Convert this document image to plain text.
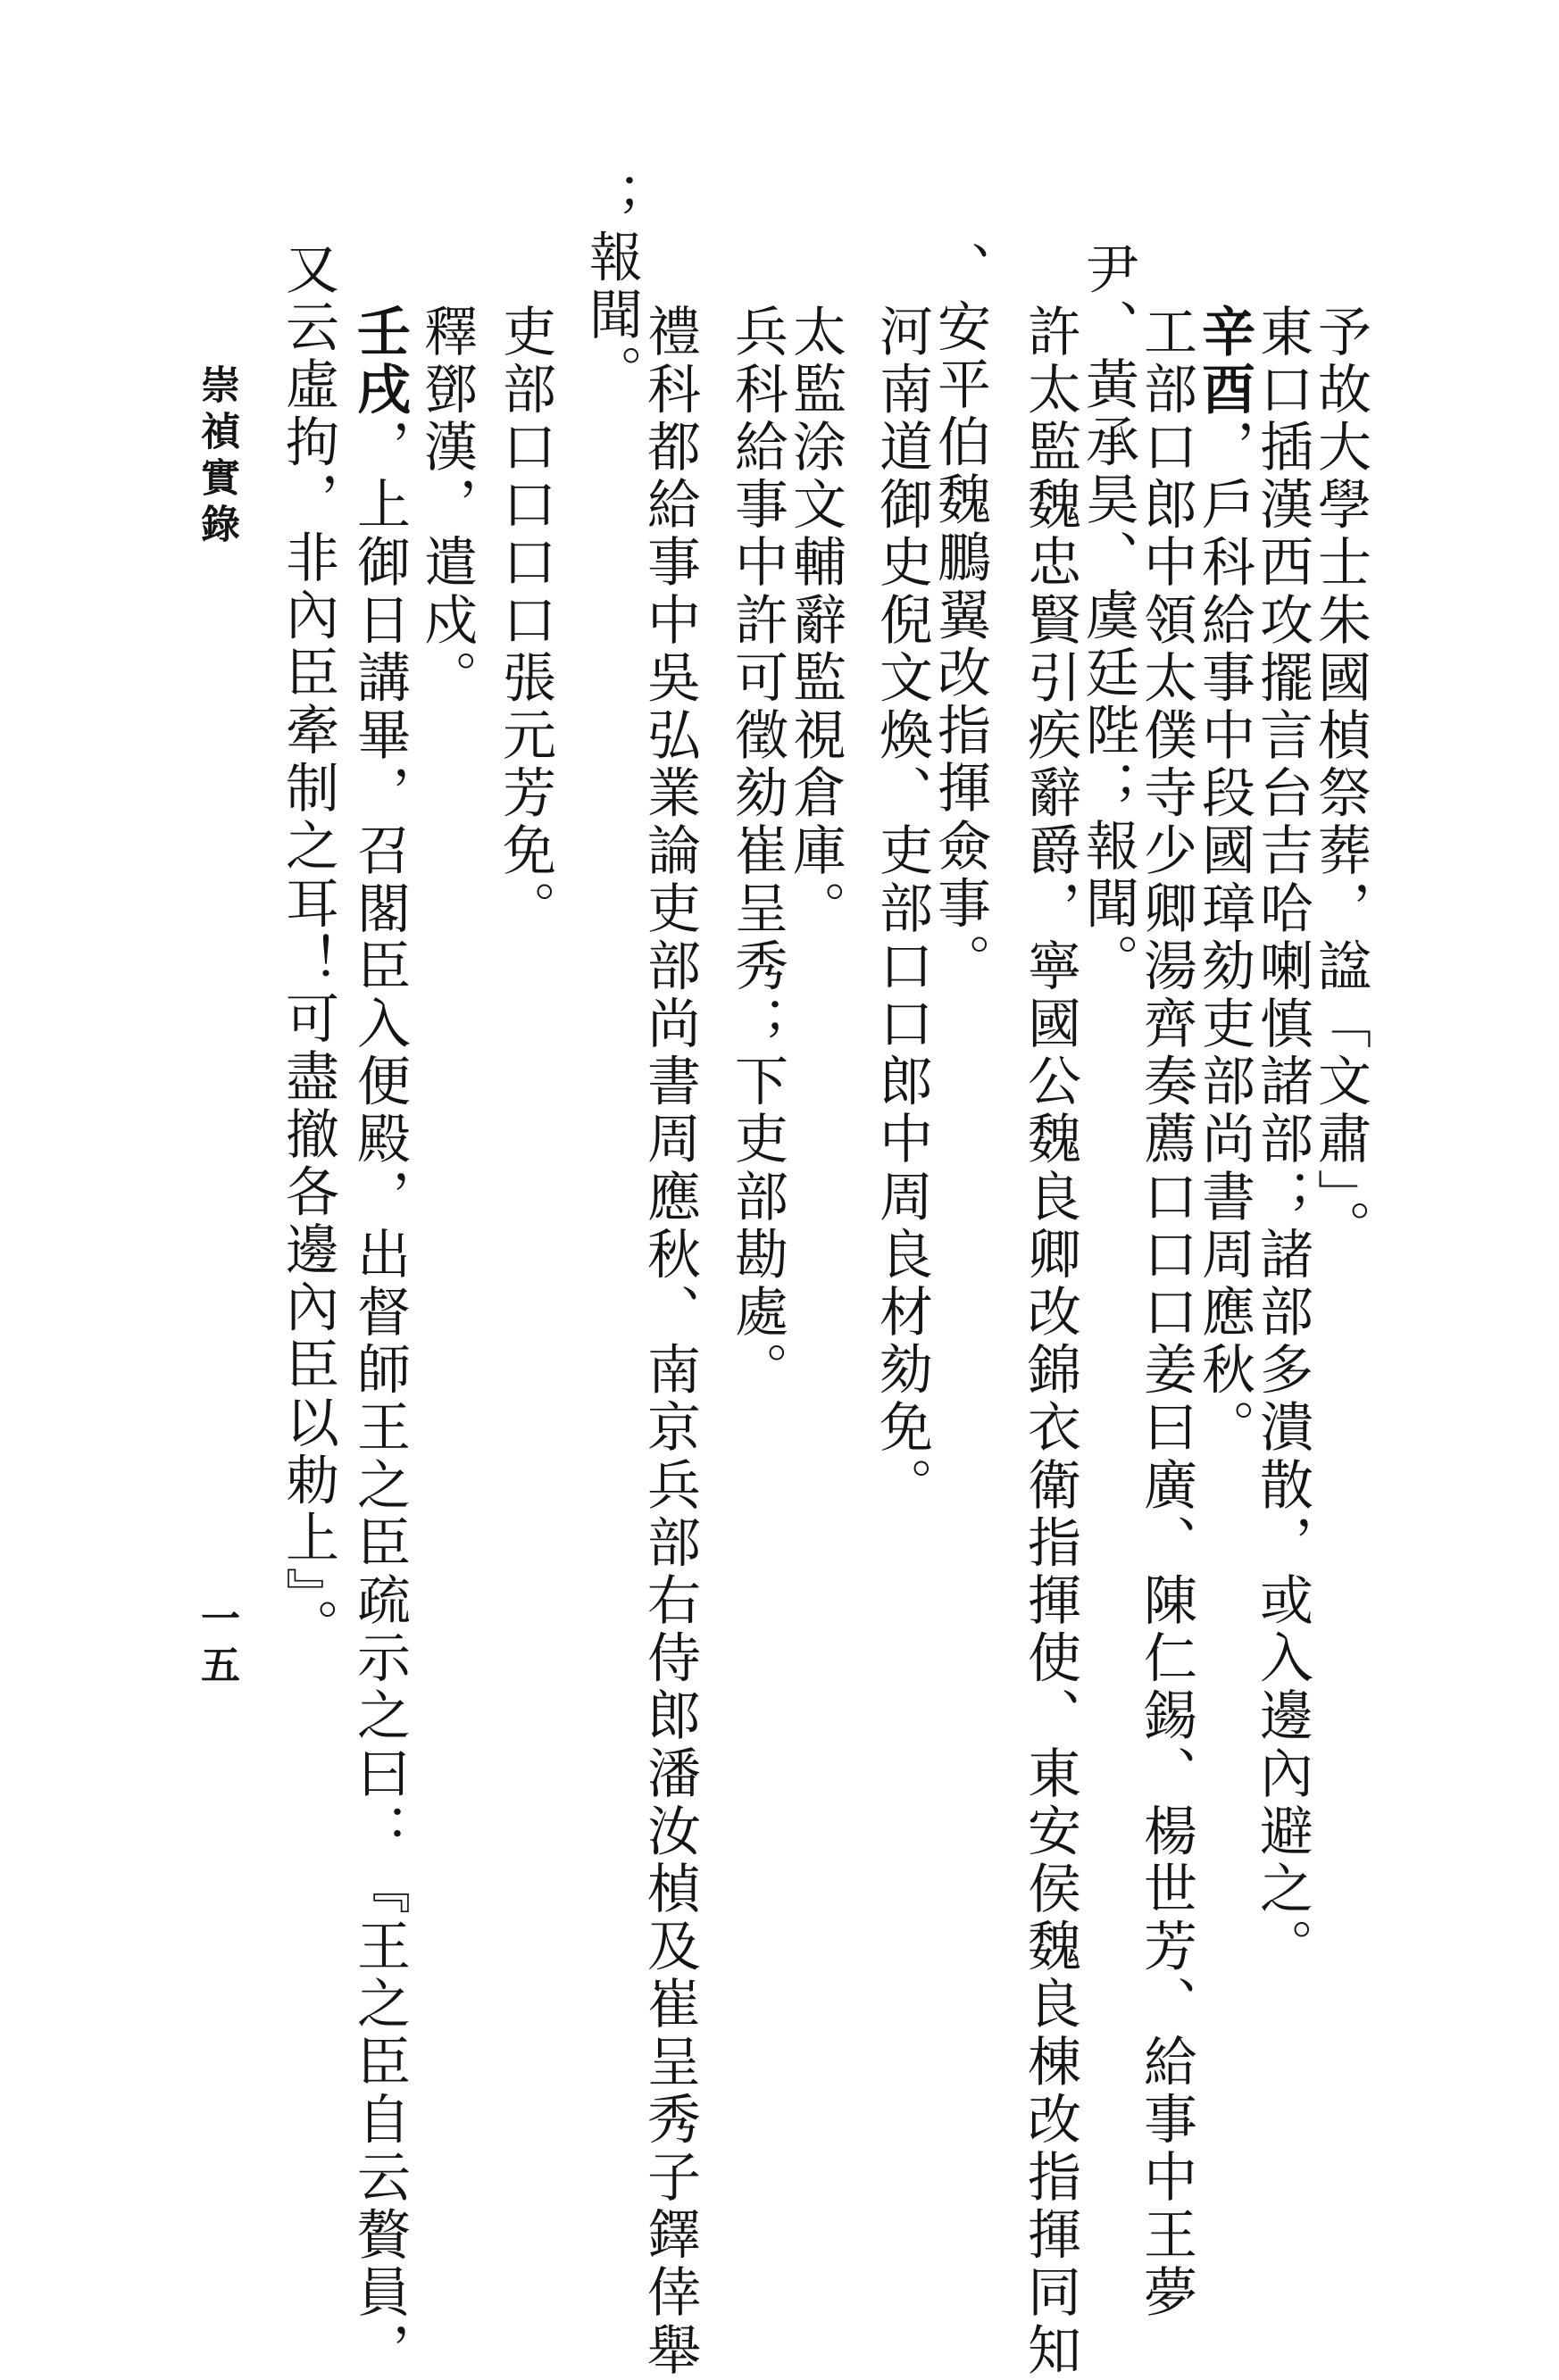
予故大學士朱國楨祭葬，諡「文肅」。
東口插漢西攻擺言台吉哈喇慎諸部；諸部多潰散，或入邊內避之。
辛酉，戶科給事中段國璋劾吏部尚書周應秋。
工部口郎中領太僕寺少卿湯齊奏薦口口口姜曰廣、陳仁錫、楊世芳、給事中王夢
尹、黃承昊、虞廷陛；報聞。
許太監魏忠賢引疾辭爵，寧國公魏良卿改錦衣衛指揮使、東安侯魏良棟改指揮同知
、安平伯魏鵬翼改指揮僉事。
河南道御史倪文煥、吏部口口郎中周良材劾免。
太監涂文輔辭監視倉庫。
兵科給事中許可徵劾崔呈秀；下吏部勘處。
禮科都給事中吳弘業論吏部尚書周應秋、南京兵部右侍郎潘汝楨及崔呈秀子鐸倖舉
；報聞。
吏部口口口口張元芳免。
釋鄧漢，遣戍。
壬戌，上御日講畢，召閣臣入便殿，出督師王之臣疏示之曰：『王之臣自云贅員，
又云虛拘，非內臣牽制之耳！可盡撤各邊內臣以勅上』。
崇禎實錄
一五
